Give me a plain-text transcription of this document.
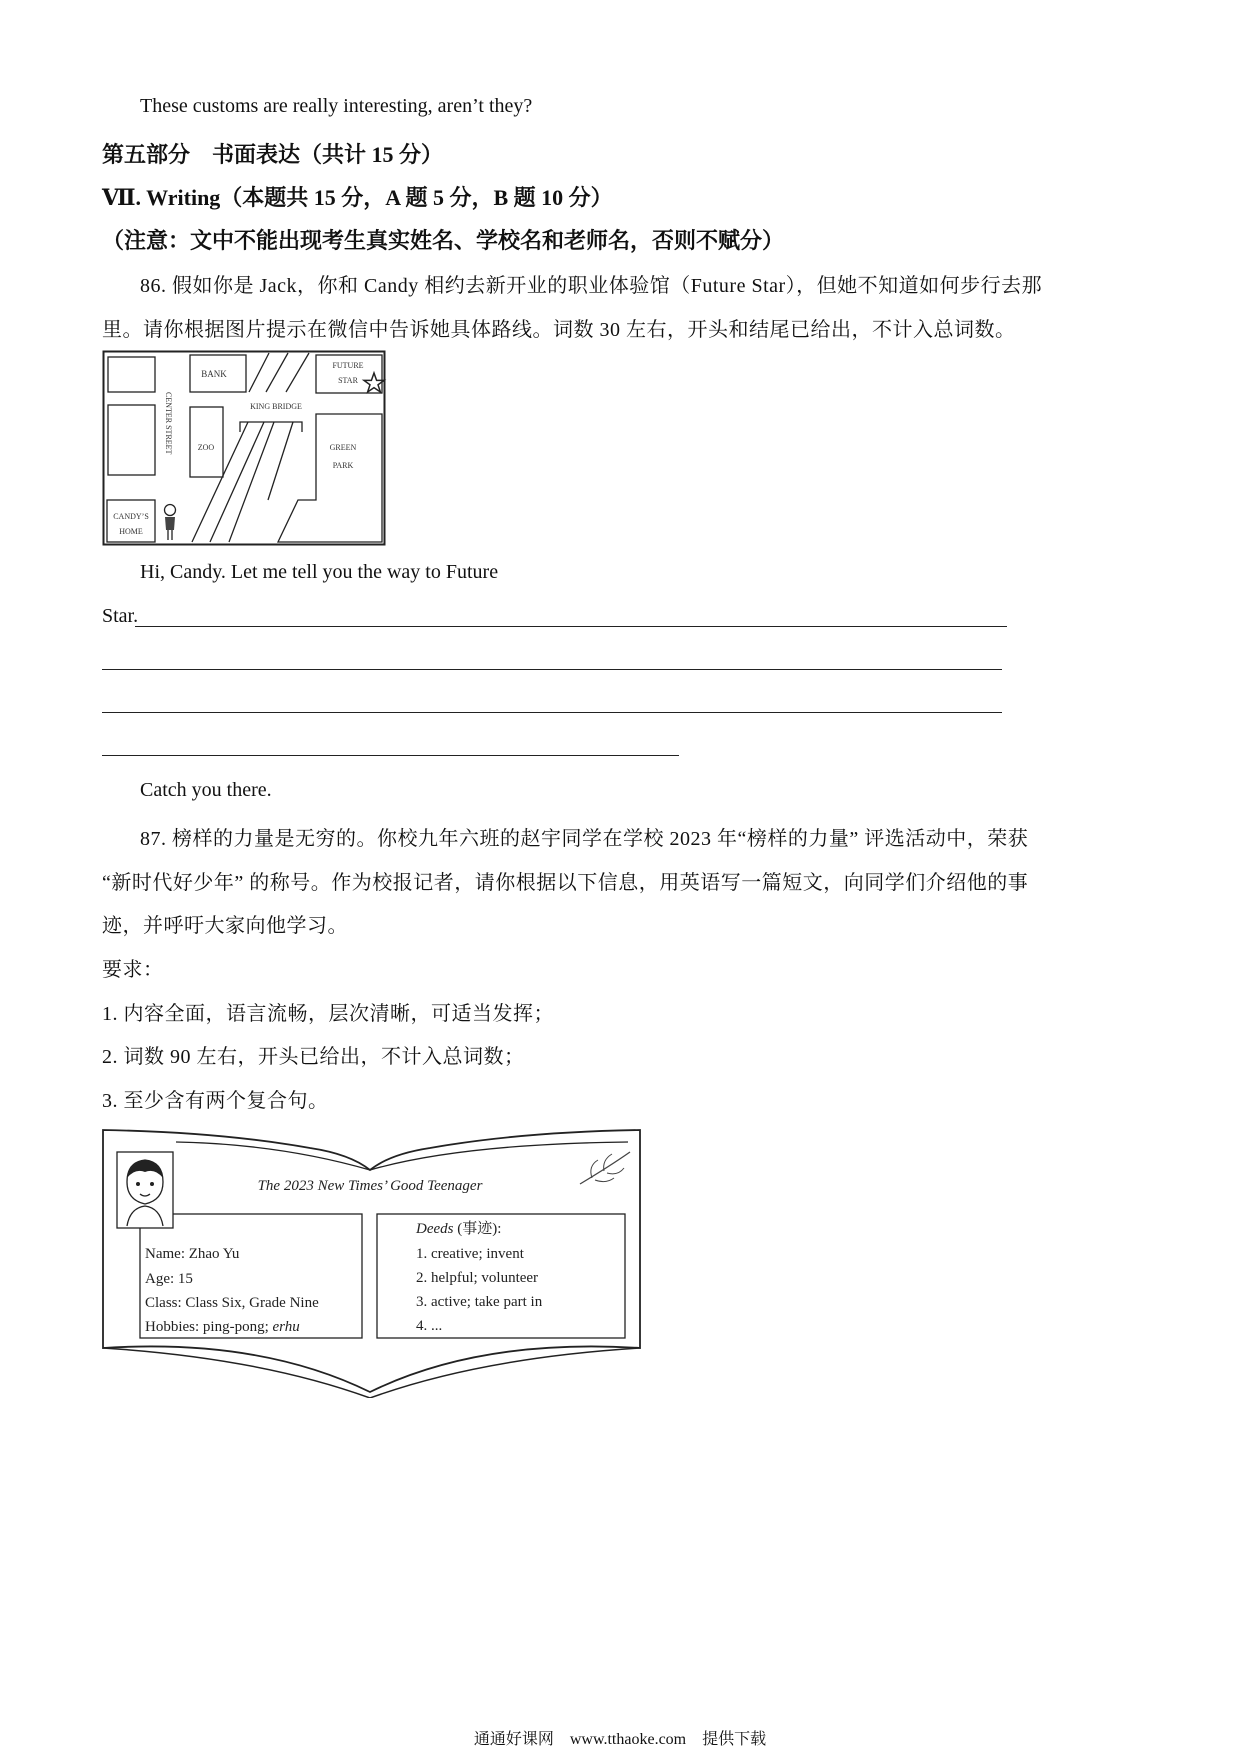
These customs are really interesting, aren’t they?
第五部分　书面表达（共计 15 分）
Ⅶ. Writing（本题共 15 分，A 题 5 分，B 题 10 分）
（注意：文中不能出现考生真实姓名、学校名和老师名，否则不赋分）
86. 假如你是 Jack，你和 Candy 相约去新开业的职业体验馆（Future Star），但她不知道如何步行去那
里。请你根据图片提示在微信中告诉她具体路线。词数 30 左右，开头和结尾已给出，不计入总词数。
BANK
FUTURE
STAR
KING BRIDGE
CENTER STREET	ZOO	GREEN
PARK
CANDY’S
HOME
Hi, Candy. Let me tell you the way to Future
Star.
Catch you there.
87. 榜样的力量是无穷的。你校九年六班的赵宇同学在学校 2023 年“榜样的力量” 评选活动中，荣获
“新时代好少年” 的称号。作为校报记者，请你根据以下信息，用英语写一篇短文，向同学们介绍他的事
迹，并呼吁大家向他学习。
要求：
1. 内容全面，语言流畅，层次清晰，可适当发挥；
2. 词数 90 左右，开头已给出，不计入总词数；
3. 至少含有两个复合句。
The 2023 New Times’ Good Teenager
Name: Zhao Yu
Age: 15
Class: Class Six, Grade Nine
Hobbies: ping-pong; erhu
Deeds (事迹):
1. creative; invent
2. helpful; volunteer
3. active; take part in
4. ...
通通好课网　www.tthaoke.com　提供下载
